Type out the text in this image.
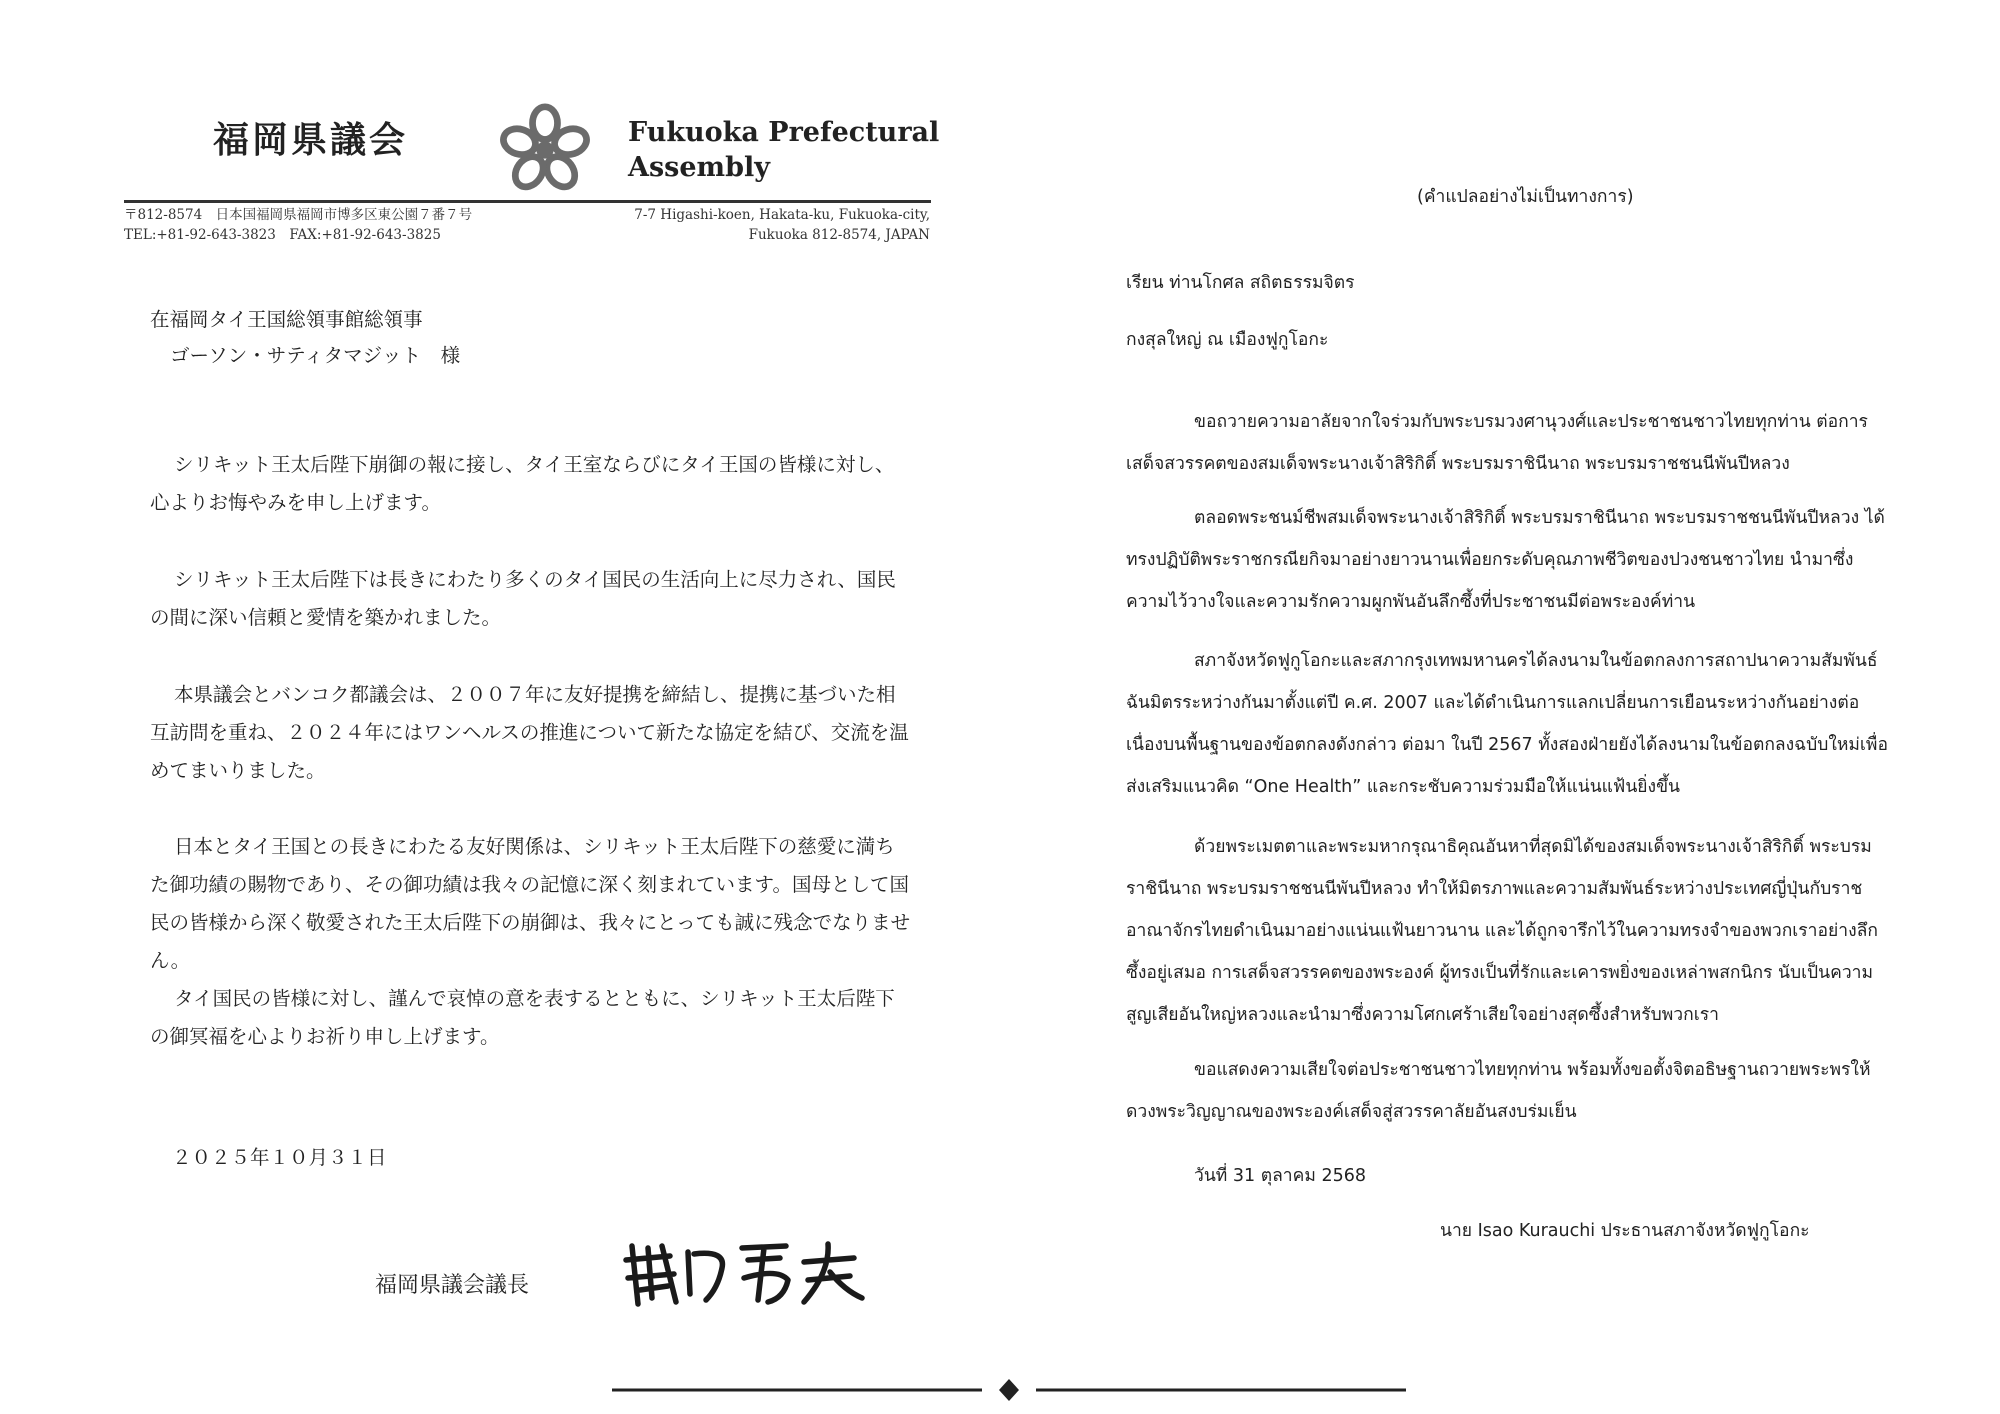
福岡県議会	Fukuoka Prefectural
Assembly
〒812-8574　日本国福岡県福岡市博多区東公園７番７号
TEL:+81-92-643-3823　FAX:+81-92-643-3825
7-7 Higashi-koen, Hakata-ku, Fukuoka-city,
Fukuoka 812-8574, JAPAN
在福岡タイ王国総領事館総領事
ゴーソン・サティタマジット　様
シリキット王太后陛下崩御の報に接し、タイ王室ならびにタイ王国の皆様に対し、心よりお悔やみを申し上げます。
シリキット王太后陛下は長きにわたり多くのタイ国民の生活向上に尽力され、国民の間に深い信頼と愛情を築かれました。
本県議会とバンコク都議会は、２００７年に友好提携を締結し、提携に基づいた相互訪問を重ね、２０２４年にはワンヘルスの推進について新たな協定を結び、交流を温めてまいりました。
日本とタイ王国との長きにわたる友好関係は、シリキット王太后陛下の慈愛に満ちた御功績の賜物であり、その御功績は我々の記憶に深く刻まれています。国母として国民の皆様から深く敬愛された王太后陛下の崩御は、我々にとっても誠に残念でなりません。
タイ国民の皆様に対し、謹んで哀悼の意を表するとともに、シリキット王太后陛下の御冥福を心よりお祈り申し上げます。
２０２５年１０月３１日
福岡県議会議長
(คำแปลอย่างไม่เป็นทางการ)
เรียน ท่านโกศล สถิตธรรมจิตร
กงสุลใหญ่ ณ เมืองฟูกูโอกะ
ขอถวายความอาลัยจากใจร่วมกับพระบรมวงศานุวงศ์และประชาชนชาวไทยทุกท่าน ต่อการเสด็จสวรรคตของสมเด็จพระนางเจ้าสิริกิติ์ พระบรมราชินีนาถ พระบรมราชชนนีพันปีหลวง
ตลอดพระชนม์ชีพสมเด็จพระนางเจ้าสิริกิติ์ พระบรมราชินีนาถ พระบรมราชชนนีพันปีหลวง ได้ทรงปฏิบัติพระราชกรณียกิจมาอย่างยาวนานเพื่อยกระดับคุณภาพชีวิตของปวงชนชาวไทย นำมาซึ่งความไว้วางใจและความรักความผูกพันอันลึกซึ้งที่ประชาชนมีต่อพระองค์ท่าน
สภาจังหวัดฟูกูโอกะและสภากรุงเทพมหานครได้ลงนามในข้อตกลงการสถาปนาความสัมพันธ์ฉันมิตรระหว่างกันมาตั้งแต่ปี ค.ศ. 2007 และได้ดำเนินการแลกเปลี่ยนการเยือนระหว่างกันอย่างต่อเนื่องบนพื้นฐานของข้อตกลงดังกล่าว ต่อมา ในปี 2567 ทั้งสองฝ่ายยังได้ลงนามในข้อตกลงฉบับใหม่เพื่อส่งเสริมแนวคิด “One Health” และกระชับความร่วมมือให้แน่นแฟ้นยิ่งขึ้น
ด้วยพระเมตตาและพระมหากรุณาธิคุณอันหาที่สุดมิได้ของสมเด็จพระนางเจ้าสิริกิติ์ พระบรมราชินีนาถ พระบรมราชชนนีพันปีหลวง ทำให้มิตรภาพและความสัมพันธ์ระหว่างประเทศญี่ปุ่นกับราชอาณาจักรไทยดำเนินมาอย่างแน่นแฟ้นยาวนาน และได้ถูกจารึกไว้ในความทรงจำของพวกเราอย่างลึกซึ้งอยู่เสมอ การเสด็จสวรรคตของพระองค์ ผู้ทรงเป็นที่รักและเคารพยิ่งของเหล่าพสกนิกร นับเป็นความสูญเสียอันใหญ่หลวงและนำมาซึ่งความโศกเศร้าเสียใจอย่างสุดซึ้งสำหรับพวกเรา
ขอแสดงความเสียใจต่อประชาชนชาวไทยทุกท่าน พร้อมทั้งขอตั้งจิตอธิษฐานถวายพระพรให้ดวงพระวิญญาณของพระองค์เสด็จสู่สวรรคาลัยอันสงบร่มเย็น
วันที่ 31 ตุลาคม 2568
นาย Isao Kurauchi ประธานสภาจังหวัดฟูกูโอกะ
